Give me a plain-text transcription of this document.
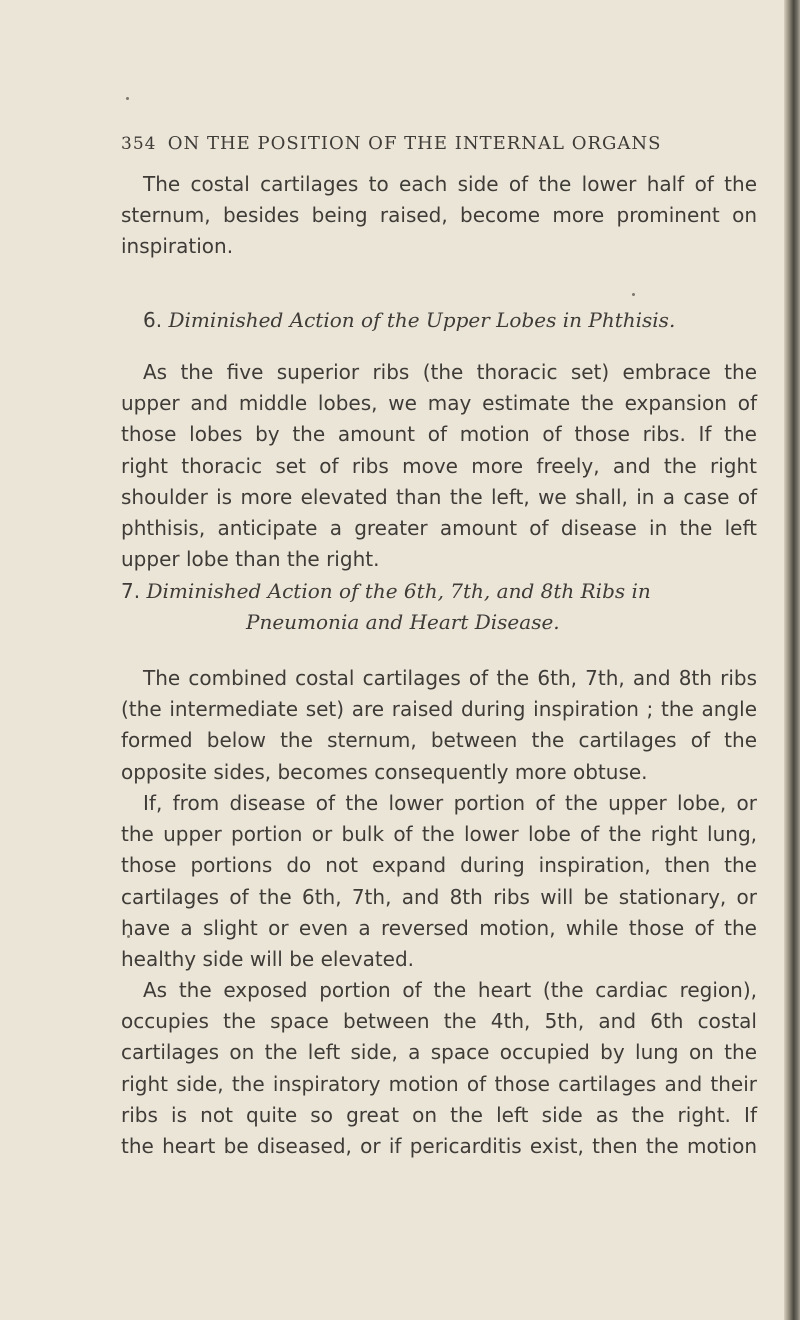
354 ON THE POSITION OF THE INTERNAL ORGANS
The costal cartilages to each side of the lower half of the
sternum, besides being raised, become more prominent on
inspiration.
6. Diminished Action of the Upper Lobes in Phthisis.
As the five superior ribs (the thoracic set) embrace the
upper and middle lobes, we may estimate the expansion of
those lobes by the amount of motion of those ribs. If the
right thoracic set of ribs move more freely, and the right
shoulder is more elevated than the left, we shall, in a case of
phthisis, anticipate a greater amount of disease in the left
upper lobe than the right.
7. Diminished Action of the 6th, 7th, and 8th Ribs in
Pneumonia and Heart Disease.
The combined costal cartilages of the 6th, 7th, and 8th ribs
(the intermediate set) are raised during inspiration ; the angle
formed below the sternum, between the cartilages of the
opposite sides, becomes consequently more obtuse.
If, from disease of the lower portion of the upper lobe, or
the upper portion or bulk of the lower lobe of the right lung,
those portions do not expand during inspiration, then the
cartilages of the 6th, 7th, and 8th ribs will be stationary, or
have a slight or even a reversed motion, while those of the
healthy side will be elevated.
As the exposed portion of the heart (the cardiac region),
occupies the space between the 4th, 5th, and 6th costal
cartilages on the left side, a space occupied by lung on the
right side, the inspiratory motion of those cartilages and their
ribs is not quite so great on the left side as the right. If
the heart be diseased, or if pericarditis exist, then the motion
